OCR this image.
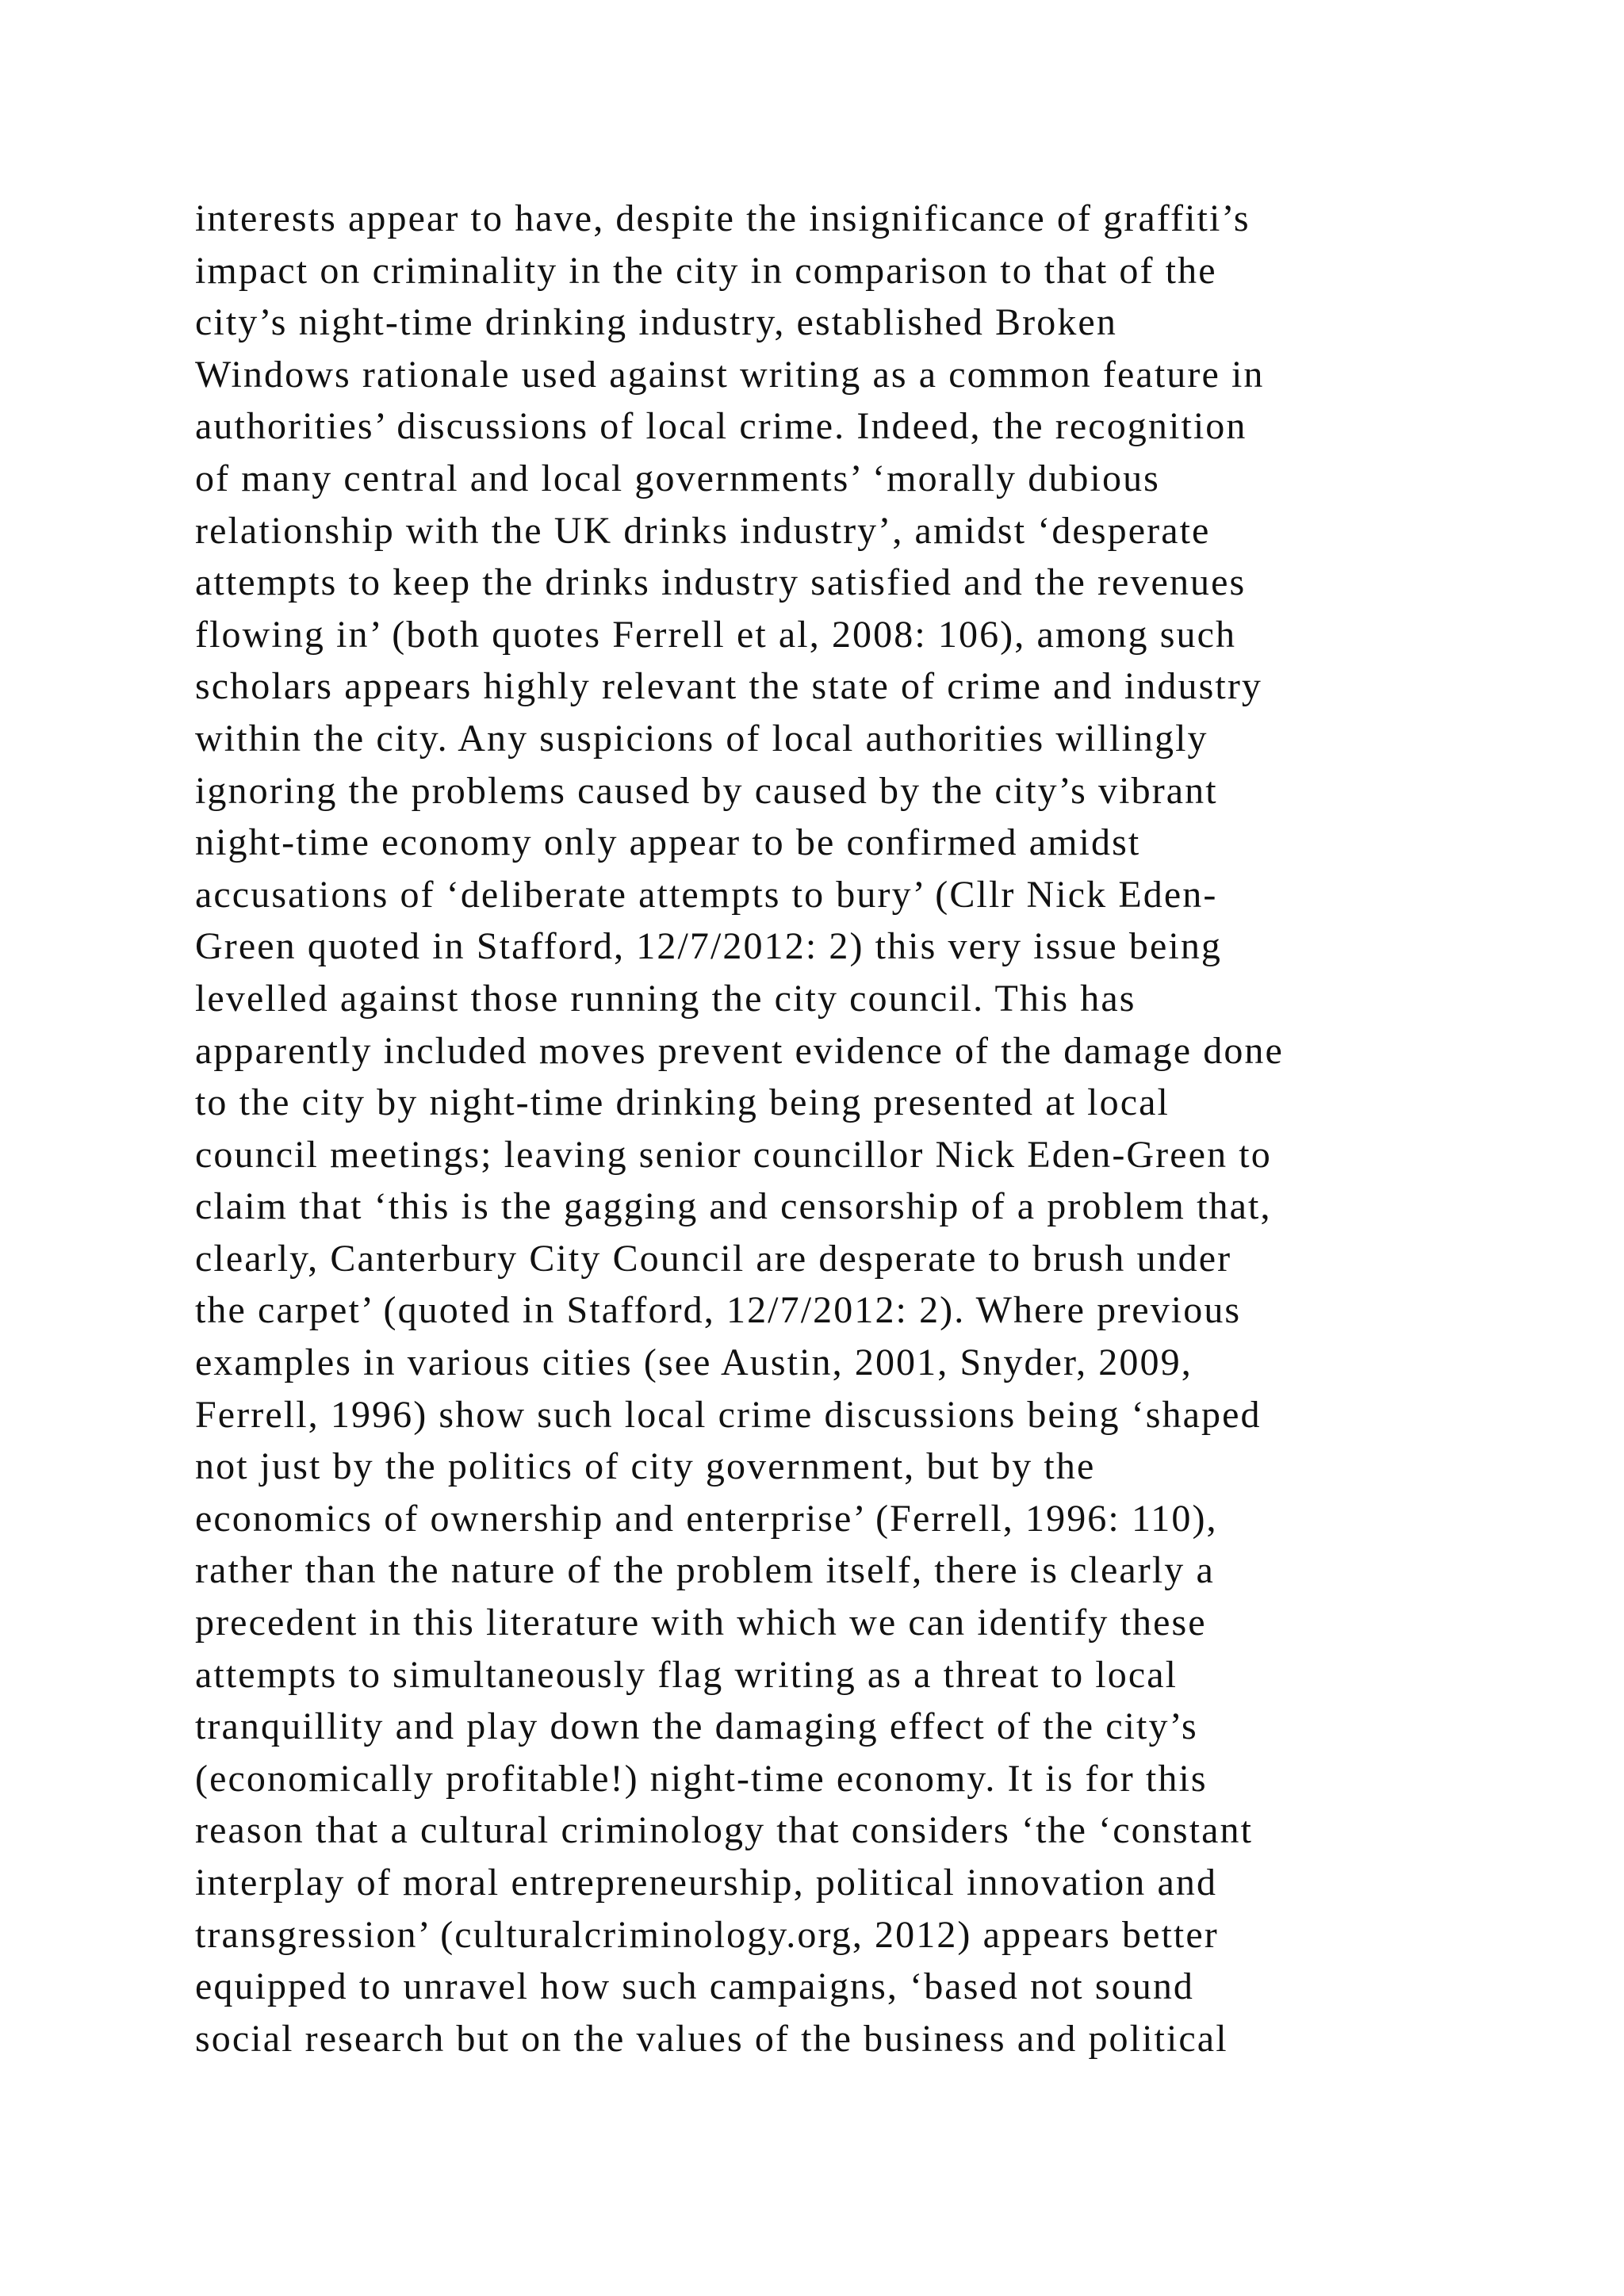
interests appear to have, despite the insignificance of graffiti’s
impact on criminality in the city in comparison to that of the
city’s night-time drinking industry, established Broken
Windows rationale used against writing as a common feature in
authorities’ discussions of local crime. Indeed, the recognition
of many central and local governments’ ‘morally dubious
relationship with the UK drinks industry’, amidst ‘desperate
attempts to keep the drinks industry satisfied and the revenues
flowing in’ (both quotes Ferrell et al, 2008: 106), among such
scholars appears highly relevant the state of crime and industry
within the city. Any suspicions of local authorities willingly
ignoring the problems caused by caused by the city’s vibrant
night-time economy only appear to be confirmed amidst
accusations of ‘deliberate attempts to bury’ (Cllr Nick Eden-
Green quoted in Stafford, 12/7/2012: 2) this very issue being
levelled against those running the city council. This has
apparently included moves prevent evidence of the damage done
to the city by night-time drinking being presented at local
council meetings; leaving senior councillor Nick Eden-Green to
claim that ‘this is the gagging and censorship of a problem that,
clearly, Canterbury City Council are desperate to brush under
the carpet’ (quoted in Stafford, 12/7/2012: 2). Where previous
examples in various cities (see Austin, 2001, Snyder, 2009,
Ferrell, 1996) show such local crime discussions being ‘shaped
not just by the politics of city government, but by the
economics of ownership and enterprise’ (Ferrell, 1996: 110),
rather than the nature of the problem itself, there is clearly a
precedent in this literature with which we can identify these
attempts to simultaneously flag writing as a threat to local
tranquillity and play down the damaging effect of the city’s
(economically profitable!) night-time economy. It is for this
reason that a cultural criminology that considers ‘the ‘constant
interplay of moral entrepreneurship, political innovation and
transgression’ (culturalcriminology.org, 2012) appears better
equipped to unravel how such campaigns, ‘based not sound
social research but on the values of the business and political
